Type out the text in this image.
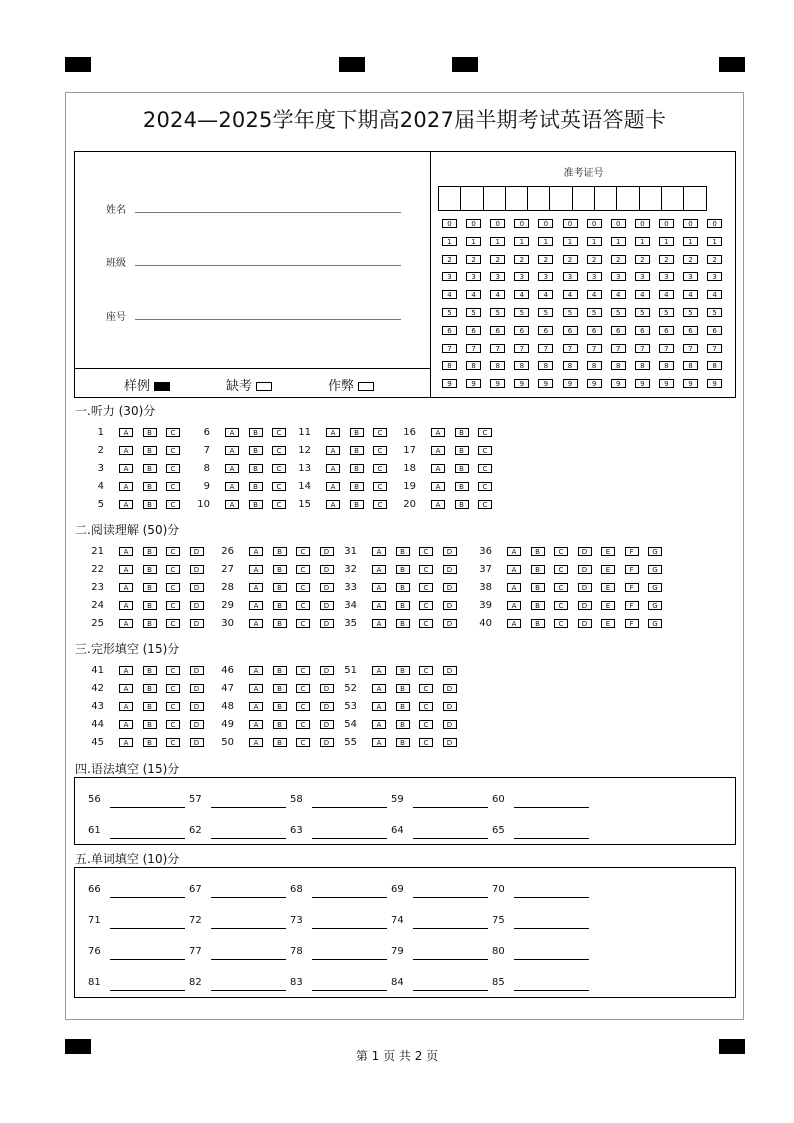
2024—2025学年度下期高2027届半期考试英语答题卡
姓名
班级
座号
样例	缺考	作弊
准考证号
0	0	0	0	0	0	0	0	0	0	0	0
1	1	1	1	1	1	1	1	1	1	1	1
2	2	2	2	2	2	2	2	2	2	2	2
3	3	3	3	3	3	3	3	3	3	3	3
4	4	4	4	4	4	4	4	4	4	4	4
5	5	5	5	5	5	5	5	5	5	5	5
6	6	6	6	6	6	6	6	6	6	6	6
7	7	7	7	7	7	7	7	7	7	7	7
8	8	8	8	8	8	8	8	8	8	8	8
9	9	9	9	9	9	9	9	9	9	9	9
一.听力 (30)分
1	A	B	C
2	A	B	C
3	A	B	C
4	A	B	C
5	A	B	C
6	A	B	C
7	A	B	C
8	A	B	C
9	A	B	C
10	A	B	C
11	A	B	C
12	A	B	C
13	A	B	C
14	A	B	C
15	A	B	C
16	A	B	C
17	A	B	C
18	A	B	C
19	A	B	C
20	A	B	C
二.阅读理解 (50)分
21	A	B	C	D
22	A	B	C	D
23	A	B	C	D
24	A	B	C	D
25	A	B	C	D
26	A	B	C	D
27	A	B	C	D
28	A	B	C	D
29	A	B	C	D
30	A	B	C	D
31	A	B	C	D
32	A	B	C	D
33	A	B	C	D
34	A	B	C	D
35	A	B	C	D
36	A	B	C	D	E	F	G
37	A	B	C	D	E	F	G
38	A	B	C	D	E	F	G
39	A	B	C	D	E	F	G
40	A	B	C	D	E	F	G
三.完形填空 (15)分
41	A	B	C	D
42	A	B	C	D
43	A	B	C	D
44	A	B	C	D
45	A	B	C	D
46	A	B	C	D
47	A	B	C	D
48	A	B	C	D
49	A	B	C	D
50	A	B	C	D
51	A	B	C	D
52	A	B	C	D
53	A	B	C	D
54	A	B	C	D
55	A	B	C	D
四.语法填空 (15)分
56	57	58	59	60
61	62	63	64	65
五.单词填空 (10)分
66	67	68	69	70
71	72	73	74	75
76	77	78	79	80
81	82	83	84	85
第 1 页 共 2 页
